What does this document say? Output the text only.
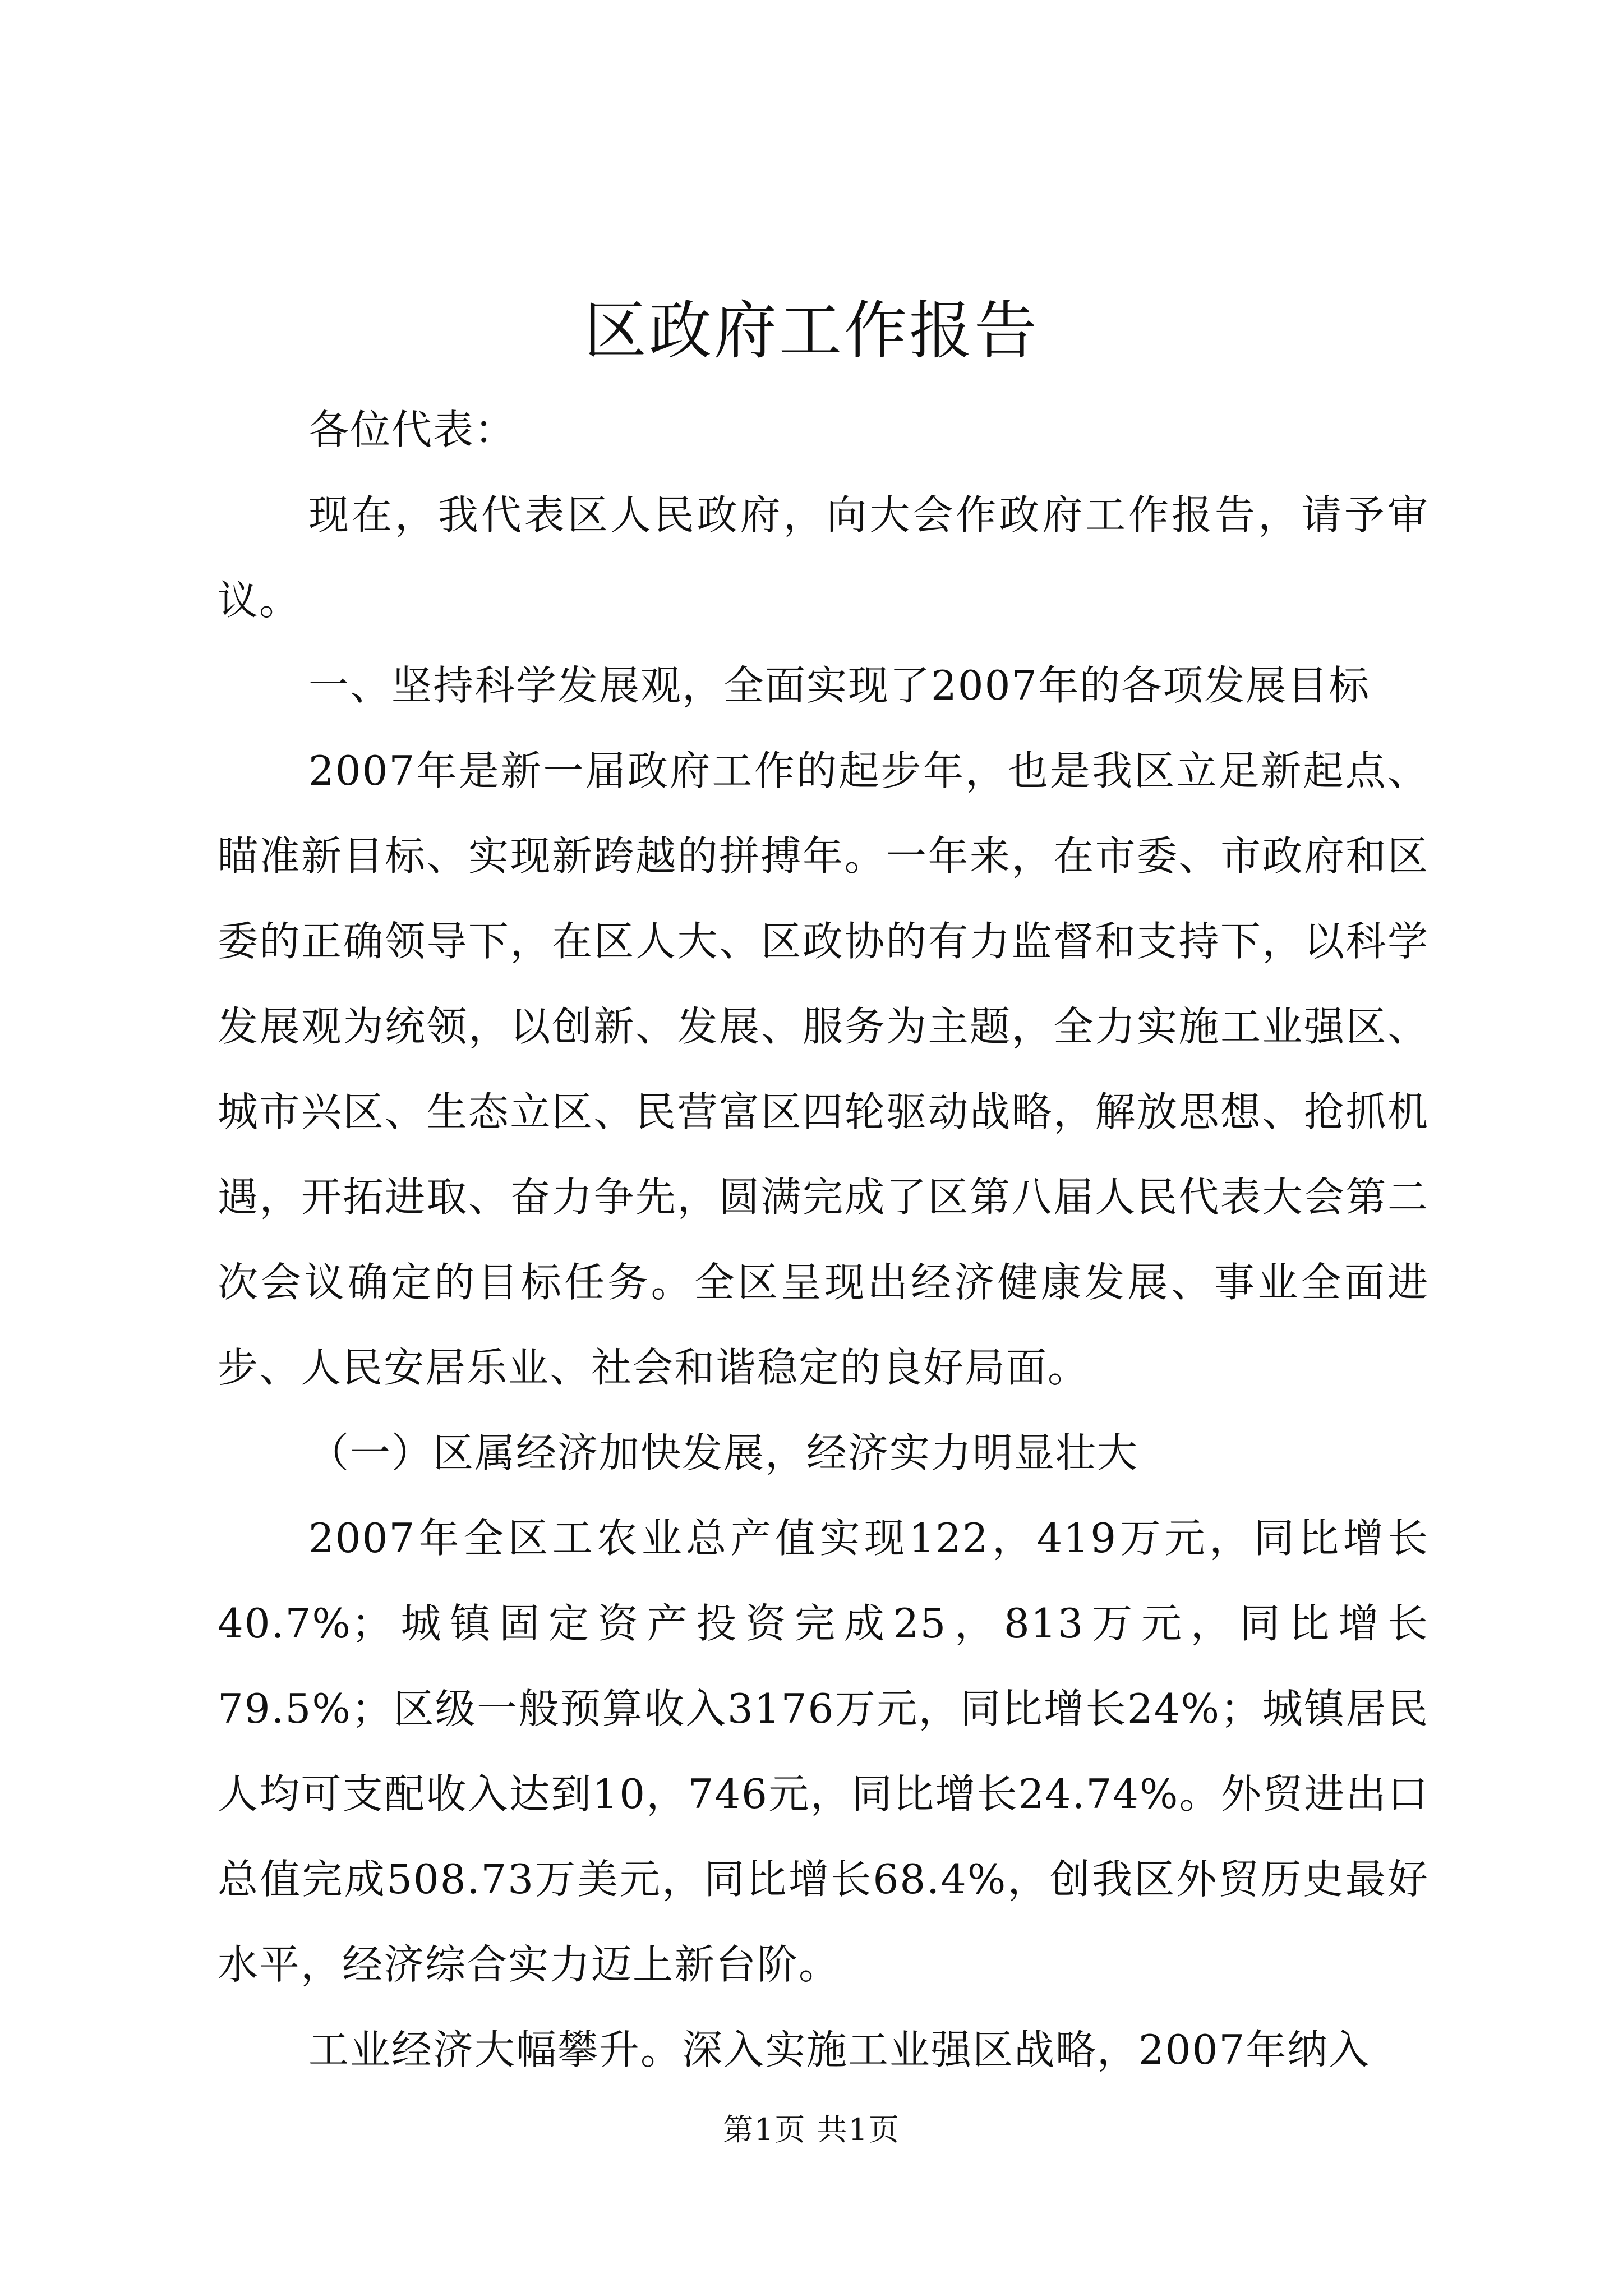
区政府工作报告

各位代表：

现在，我代表区人民政府，向大会作政府工作报告，请予审议。

一、坚持科学发展观，全面实现了2007年的各项发展目标

2007年是新一届政府工作的起步年，也是我区立足新起点、瞄准新目标、实现新跨越的拼搏年。一年来，在市委、市政府和区委的正确领导下，在区人大、区政协的有力监督和支持下，以科学发展观为统领，以创新、发展、服务为主题，全力实施工业强区、城市兴区、生态立区、民营富区四轮驱动战略，解放思想、抢抓机遇，开拓进取、奋力争先，圆满完成了区第八届人民代表大会第二次会议确定的目标任务。全区呈现出经济健康发展、事业全面进步、人民安居乐业、社会和谐稳定的良好局面。

（一）区属经济加快发展，经济实力明显壮大

2007年全区工农业总产值实现122，419万元，同比增长40.7%；城镇固定资产投资完成25，813万元，同比增长79.5%；区级一般预算收入3176万元，同比增长24%；城镇居民人均可支配收入达到10，746元，同比增长24.74%。外贸进出口总值完成508.73万美元，同比增长68.4%，创我区外贸历史最好水平，经济综合实力迈上新台阶。

工业经济大幅攀升。深入实施工业强区战略，2007年纳入

第1页 共1页
